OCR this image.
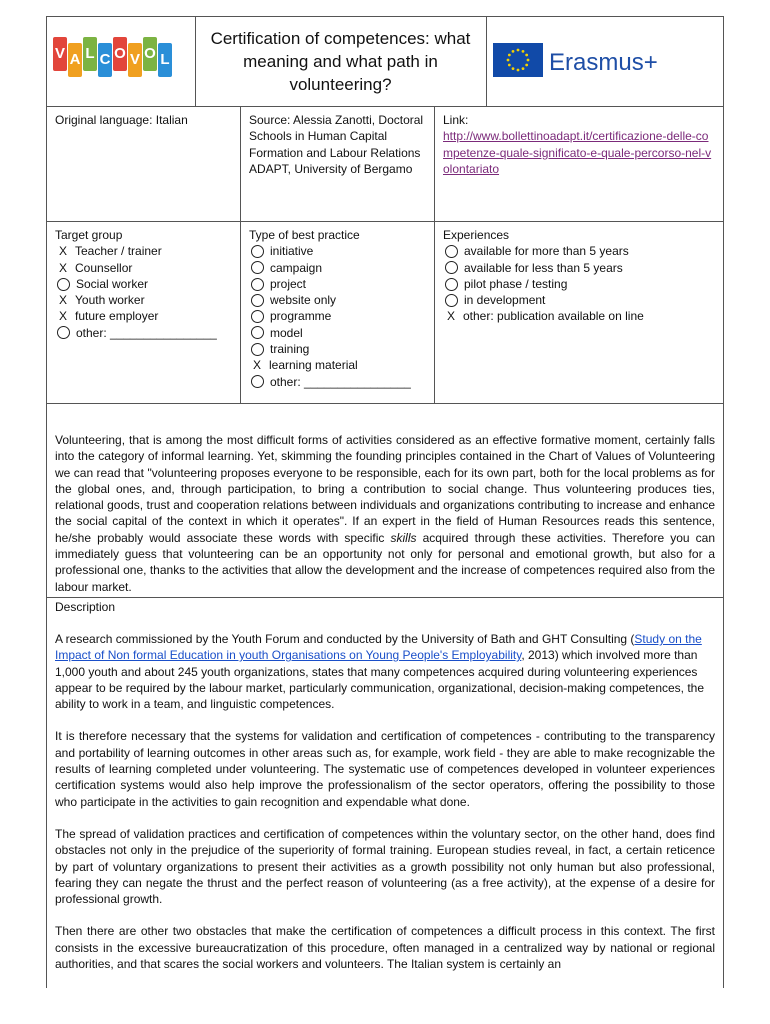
V A L C O V O L
Certification of competences: what meaning and what path in volunteering?
Erasmus+
Original language: Italian	Source: Alessia Zanotti, Doctoral Schools in Human Capital Formation and Labour Relations ADAPT, University of Bergamo
Link:
http://www.bollettinoadapt.it/certificazione-delle-competenze-quale-significato-e-quale-percorso-nel-volontariato
Target group
X Teacher / trainer
X Counsellor
Social worker
X Youth worker
X future employer
other: ________________
Type of best practice
initiative
campaign
project
website only
programme
model
training
X learning material
other: ________________
Experiences
available for more than 5 years
available for less than 5 years
pilot phase / testing
in development
X other: publication available on line

Volunteering, that is among the most difficult forms of activities considered as an effective formative moment, certainly falls into the category of informal learning. Yet, skimming the founding principles contained in the Chart of Values of Volunteering we can read that "volunteering proposes everyone to be responsible, each for its own part, both for the local problems as for the global ones, and, through participation, to bring a contribution to social change. Thus volunteering produces ties, relational goods, trust and cooperation relations between individuals and organizations contributing to increase and enhance the social capital of the context in which it operates". If an expert in the field of Human Resources reads this sentence, he/she probably would associate these words with specific skills acquired through these activities. Therefore you can immediately guess that volunteering can be an opportunity not only for personal and emotional growth, but also for a professional one, thanks to the activities that allow the development and the increase of competences required also from the labour market.

Description

A research commissioned by the Youth Forum and conducted by the University of Bath and GHT Consulting (Study on the Impact of Non formal Education in youth Organisations on Young People's Employability, 2013) which involved more than 1,000 youth and about 245 youth organizations, states that many competences acquired during volunteering experiences appear to be required by the labour market, particularly communication, organizational, decision-making competences, the ability to work in a team, and linguistic competences.

It is therefore necessary that the systems for validation and certification of competences - contributing to the transparency and portability of learning outcomes in other areas such as, for example, work field - they are able to make recognizable the results of learning completed under volunteering. The systematic use of competences developed in volunteer experiences certification systems would also help improve the professionalism of the sector operators, offering the possibility to those who participate in the activities to gain recognition and expendable what done.

The spread of validation practices and certification of competences within the voluntary sector, on the other hand, does find obstacles not only in the prejudice of the superiority of formal training. European studies reveal, in fact, a certain reticence by part of voluntary organizations to present their activities as a growth possibility not only human but also professional, fearing they can negate the thrust and the perfect reason of volunteering (as a free activity), at the expense of a desire for professional growth.

Then there are other two obstacles that make the certification of competences a difficult process in this context. The first consists in the excessive bureaucratization of this procedure, often managed in a centralized way by national or regional authorities, and that scares the social workers and volunteers. The Italian system is certainly an
